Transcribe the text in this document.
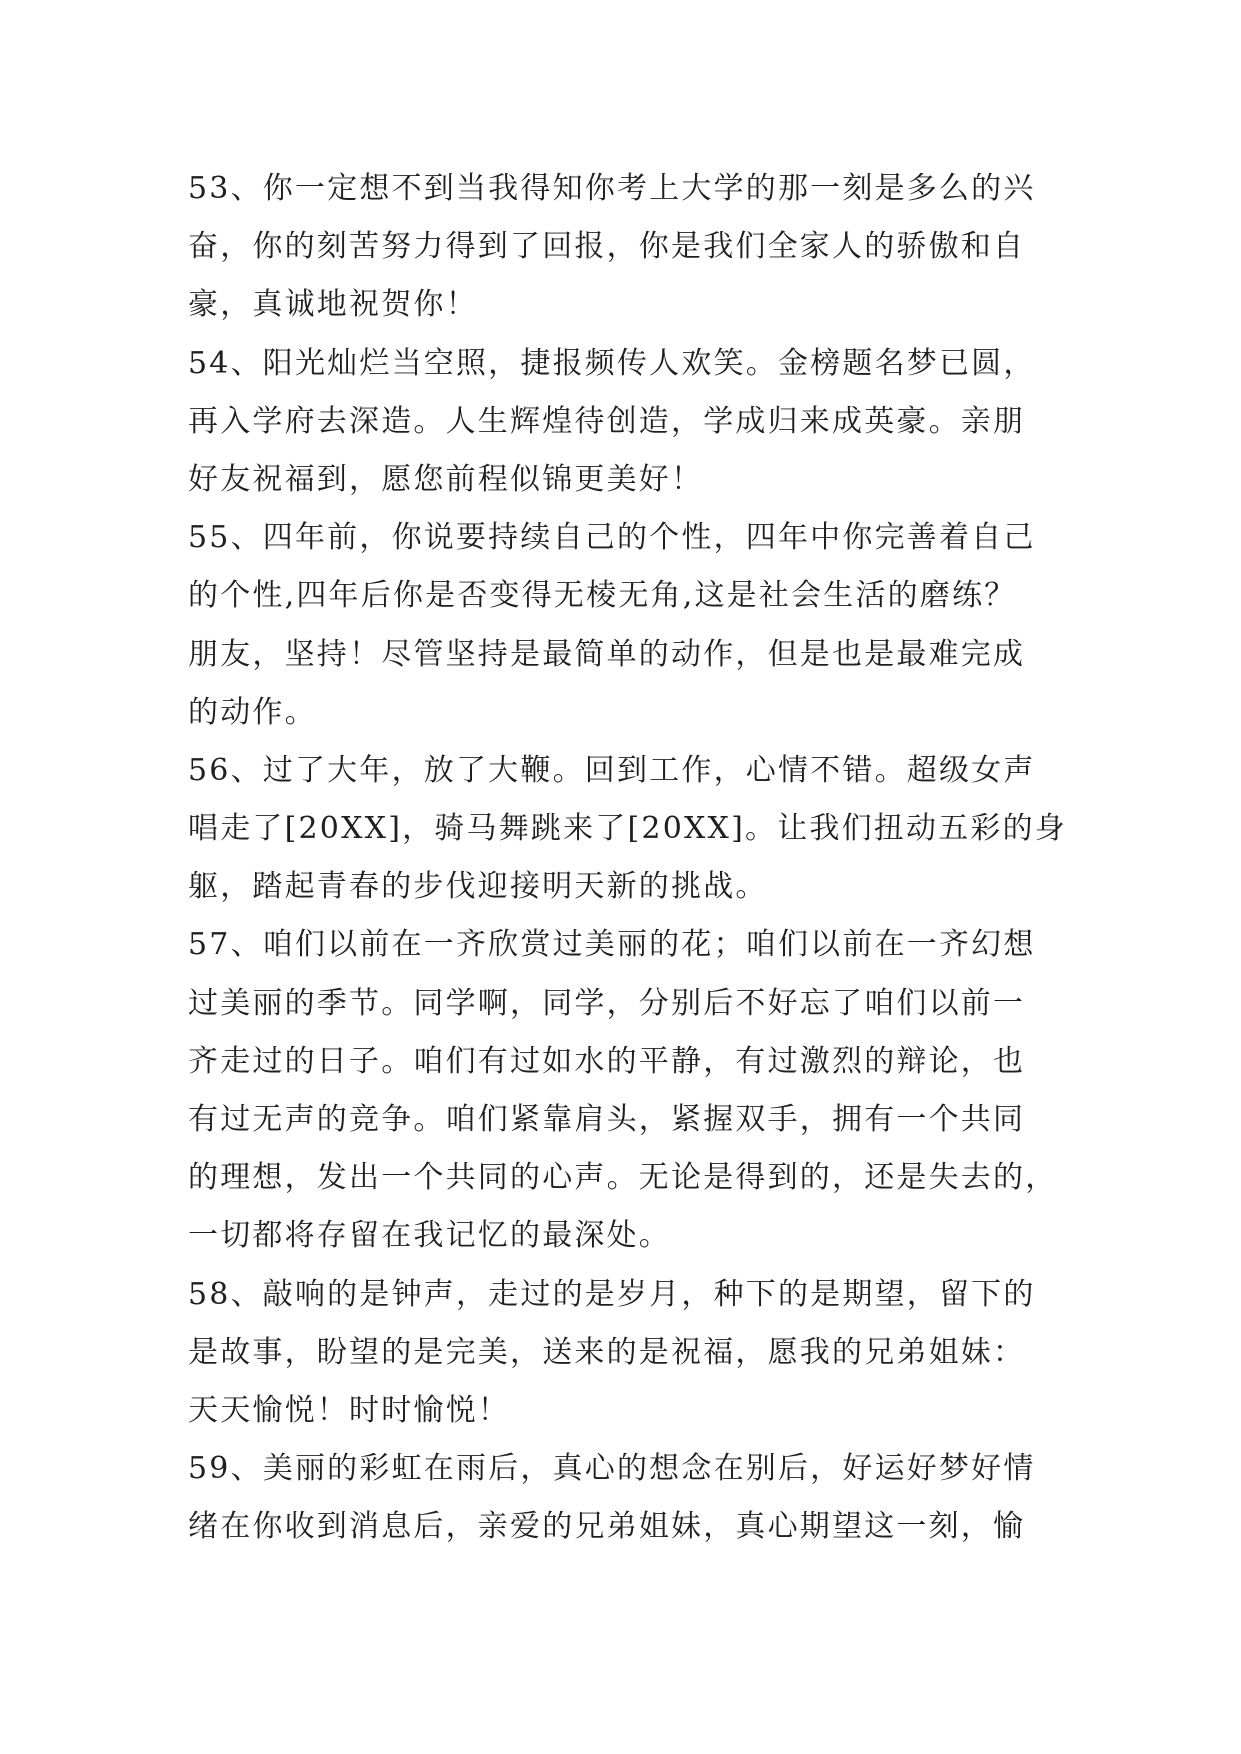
53、你一定想不到当我得知你考上大学的那一刻是多么的兴
奋，你的刻苦努力得到了回报，你是我们全家人的骄傲和自
豪，真诚地祝贺你！
54、阳光灿烂当空照，捷报频传人欢笑。金榜题名梦已圆，
再入学府去深造。人生辉煌待创造，学成归来成英豪。亲朋
好友祝福到，愿您前程似锦更美好！
55、四年前，你说要持续自己的个性，四年中你完善着自己
的个性,四年后你是否变得无棱无角,这是社会生活的磨练？
朋友，坚持！尽管坚持是最简单的动作，但是也是最难完成
的动作。
56、过了大年，放了大鞭。回到工作，心情不错。超级女声
唱走了[20XX]，骑马舞跳来了[20XX]。让我们扭动五彩的身
躯，踏起青春的步伐迎接明天新的挑战。
57、咱们以前在一齐欣赏过美丽的花；咱们以前在一齐幻想
过美丽的季节。同学啊，同学，分别后不好忘了咱们以前一
齐走过的日子。咱们有过如水的平静，有过激烈的辩论，也
有过无声的竞争。咱们紧靠肩头，紧握双手，拥有一个共同
的理想，发出一个共同的心声。无论是得到的，还是失去的，
一切都将存留在我记忆的最深处。
58、敲响的是钟声，走过的是岁月，种下的是期望，留下的
是故事，盼望的是完美，送来的是祝福，愿我的兄弟姐妹：
天天愉悦！时时愉悦！
59、美丽的彩虹在雨后，真心的想念在别后，好运好梦好情
绪在你收到消息后，亲爱的兄弟姐妹，真心期望这一刻，愉
